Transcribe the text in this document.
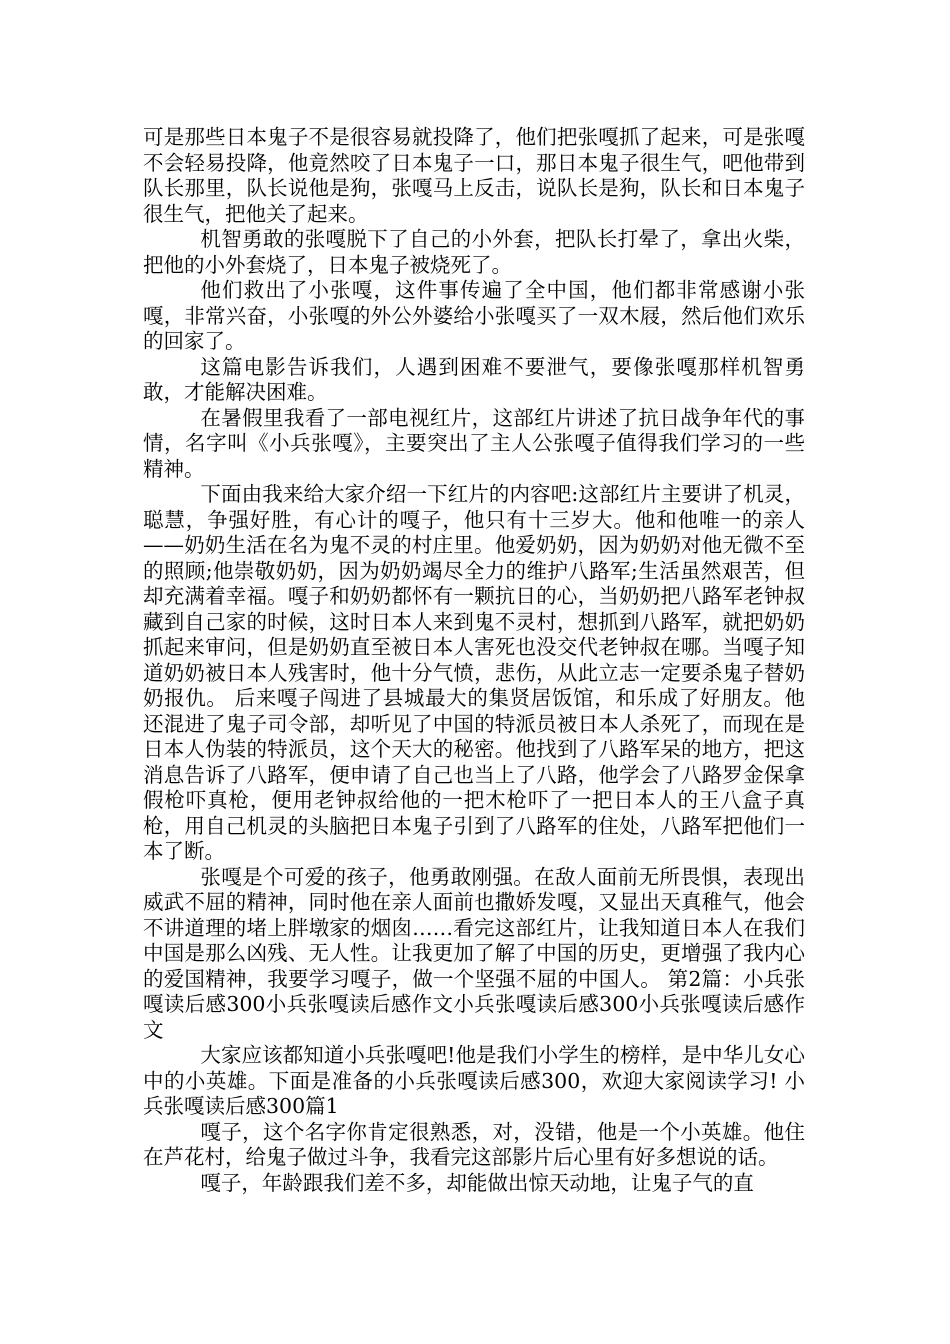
可是那些日本鬼子不是很容易就投降了，他们把张嘎抓了起来，可是张嘎不会轻易投降，他竟然咬了日本鬼子一口，那日本鬼子很生气，吧他带到队长那里，队长说他是狗，张嘎马上反击，说队长是狗，队长和日本鬼子很生气，把他关了起来。

机智勇敢的张嘎脱下了自己的小外套，把队长打晕了，拿出火柴，把他的小外套烧了，日本鬼子被烧死了。

他们救出了小张嘎，这件事传遍了全中国，他们都非常感谢小张嘎，非常兴奋，小张嘎的外公外婆给小张嘎买了一双木屐，然后他们欢乐的回家了。

这篇电影告诉我们，人遇到困难不要泄气，要像张嘎那样机智勇敢，才能解决困难。

在暑假里我看了一部电视红片，这部红片讲述了抗日战争年代的事情，名字叫《小兵张嘎》，主要突出了主人公张嘎子值得我们学习的一些精神。

下面由我来给大家介绍一下红片的内容吧:这部红片主要讲了机灵，聪慧，争强好胜，有心计的嘎子，他只有十三岁大。他和他唯一的亲人——奶奶生活在名为鬼不灵的村庄里。他爱奶奶，因为奶奶对他无微不至的照顾;他崇敬奶奶，因为奶奶竭尽全力的维护八路军;生活虽然艰苦，但却充满着幸福。嘎子和奶奶都怀有一颗抗日的心，当奶奶把八路军老钟叔藏到自己家的时候，这时日本人来到鬼不灵村，想抓到八路军，就把奶奶抓起来审问，但是奶奶直至被日本人害死也没交代老钟叔在哪。当嘎子知道奶奶被日本人残害时，他十分气愤，悲伤，从此立志一定要杀鬼子替奶奶报仇。 后来嘎子闯进了县城最大的集贤居饭馆，和乐成了好朋友。他还混进了鬼子司令部，却听见了中国的特派员被日本人杀死了，而现在是日本人伪装的特派员，这个天大的秘密。他找到了八路军呆的地方，把这消息告诉了八路军，便申请了自己也当上了八路，他学会了八路罗金保拿假枪吓真枪，便用老钟叔给他的一把木枪吓了一把日本人的王八盒子真枪，用自己机灵的头脑把日本鬼子引到了八路军的住处，八路军把他们一本了断。

张嘎是个可爱的孩子，他勇敢刚强。在敌人面前无所畏惧，表现出威武不屈的精神，同时他在亲人面前也撒娇发嘎，又显出天真稚气，他会不讲道理的堵上胖墩家的烟囱……看完这部红片，让我知道日本人在我们中国是那么凶残、无人性。让我更加了解了中国的历史，更增强了我内心的爱国精神，我要学习嘎子，做一个坚强不屈的中国人。 第2篇：小兵张嘎读后感300小兵张嘎读后感作文小兵张嘎读后感300小兵张嘎读后感作文

大家应该都知道小兵张嘎吧!他是我们小学生的榜样，是中华儿女心中的小英雄。下面是准备的小兵张嘎读后感300，欢迎大家阅读学习! 小兵张嘎读后感300篇1

嘎子，这个名字你肯定很熟悉，对，没错，他是一个小英雄。他住在芦花村，给鬼子做过斗争，我看完这部影片后心里有好多想说的话。

嘎子，年龄跟我们差不多，却能做出惊天动地，让鬼子气的直
